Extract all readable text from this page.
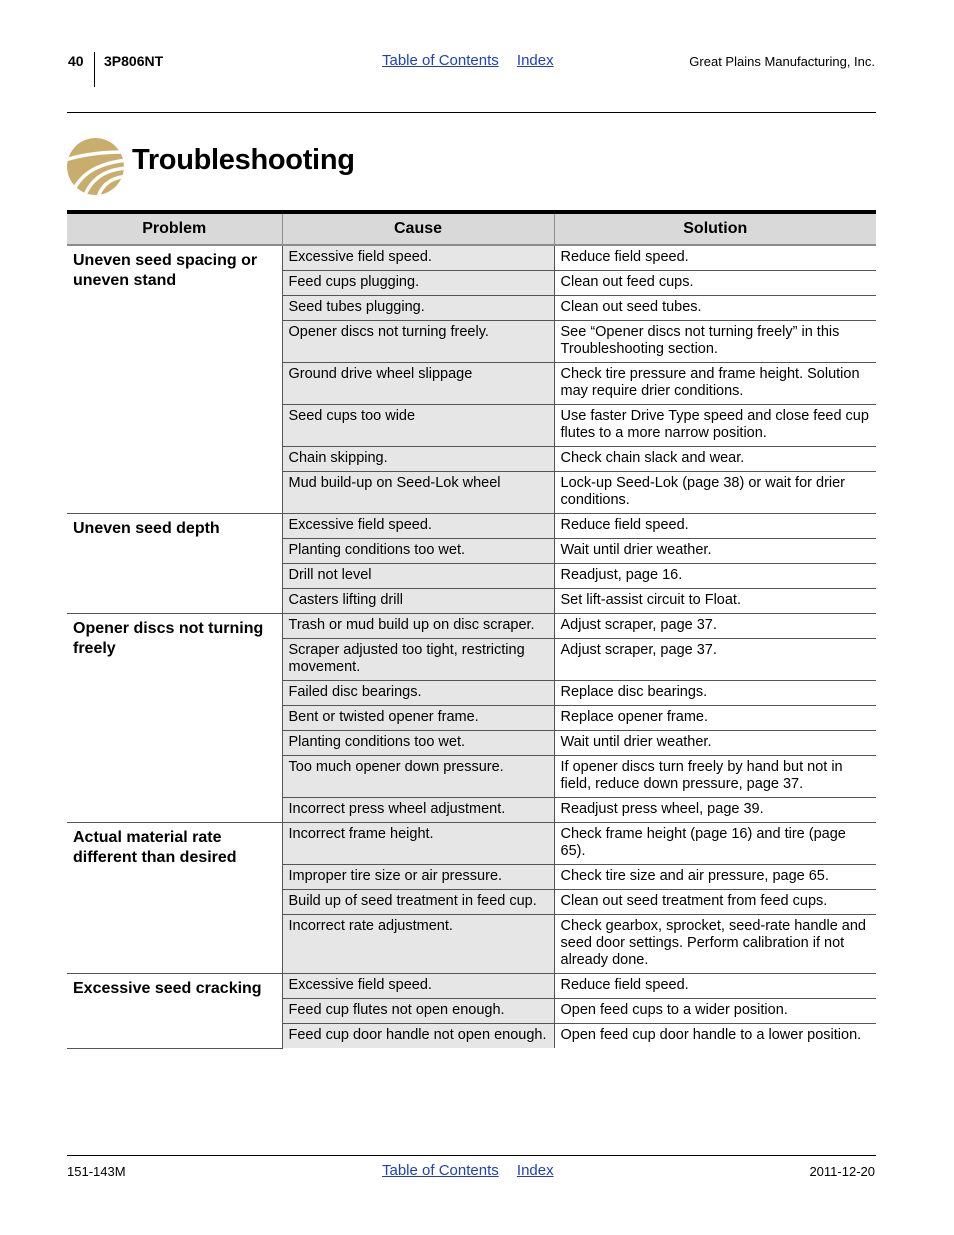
40 3P806NT	Table of Contents Index	Great Plains Manufacturing, Inc.
Troubleshooting
Problem	Cause	Solution
Uneven seed spacing or uneven stand	Excessive field speed.	Reduce field speed.
	Feed cups plugging.	Clean out feed cups.
	Seed tubes plugging.	Clean out seed tubes.
	Opener discs not turning freely.	See “Opener discs not turning freely” in this Troubleshooting section.
	Ground drive wheel slippage	Check tire pressure and frame height. Solution may require drier conditions.
	Seed cups too wide	Use faster Drive Type speed and close feed cup flutes to a more narrow position.
	Chain skipping.	Check chain slack and wear.
	Mud build-up on Seed-Lok wheel	Lock-up Seed-Lok (page 38) or wait for drier conditions.
Uneven seed depth	Excessive field speed.	Reduce field speed.
	Planting conditions too wet.	Wait until drier weather.
	Drill not level	Readjust, page 16.
	Casters lifting drill	Set lift-assist circuit to Float.
Opener discs not turning freely	Trash or mud build up on disc scraper.	Adjust scraper, page 37.
	Scraper adjusted too tight, restricting movement.	Adjust scraper, page 37.
	Failed disc bearings.	Replace disc bearings.
	Bent or twisted opener frame.	Replace opener frame.
	Planting conditions too wet.	Wait until drier weather.
	Too much opener down pressure.	If opener discs turn freely by hand but not in field, reduce down pressure, page 37.
	Incorrect press wheel adjustment.	Readjust press wheel, page 39.
Actual material rate different than desired	Incorrect frame height.	Check frame height (page 16) and tire (page 65).
	Improper tire size or air pressure.	Check tire size and air pressure, page 65.
	Build up of seed treatment in feed cup.	Clean out seed treatment from feed cups.
	Incorrect rate adjustment.	Check gearbox, sprocket, seed-rate handle and seed door settings. Perform calibration if not already done.
Excessive seed cracking	Excessive field speed.	Reduce field speed.
	Feed cup flutes not open enough.	Open feed cups to a wider position.
	Feed cup door handle not open enough.	Open feed cup door handle to a lower position.
151-143M	Table of Contents Index	2011-12-20
